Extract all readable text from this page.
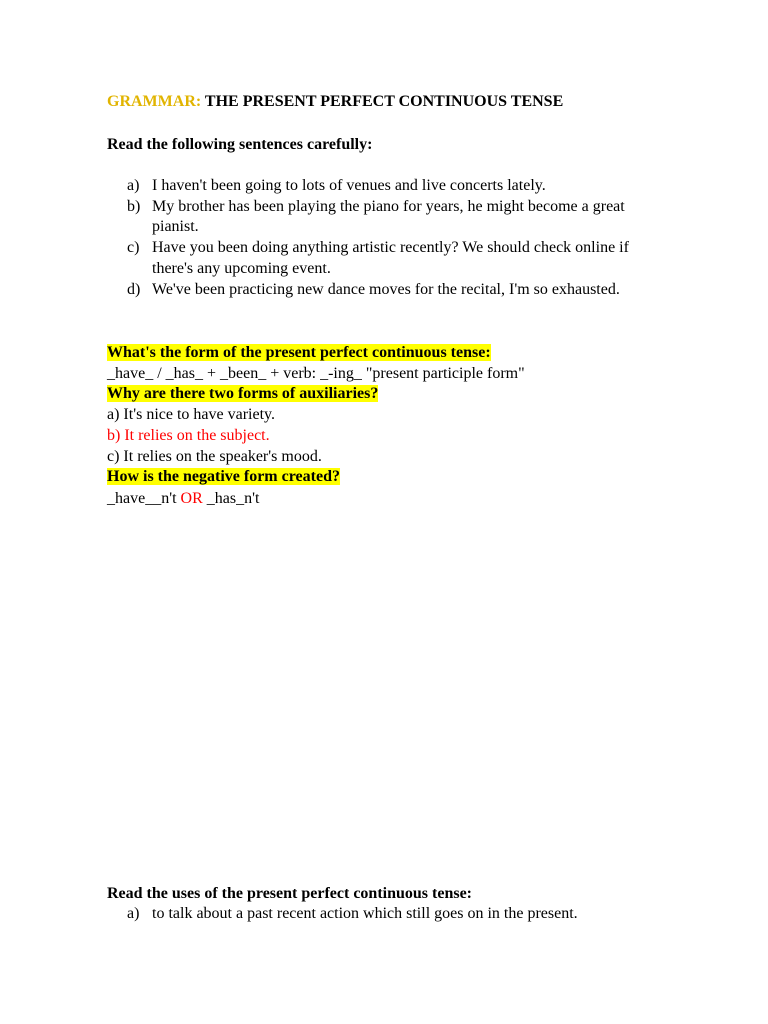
GRAMMAR: THE PRESENT PERFECT CONTINUOUS TENSE
Read the following sentences carefully:
a) I haven't been going to lots of venues and live concerts lately.
b) My brother has been playing the piano for years, he might become a great pianist.
c) Have you been doing anything artistic recently? We should check online if there's any upcoming event.
d) We've been practicing new dance moves for the recital, I'm so exhausted.
What's the form of the present perfect continuous tense:
_have_ / _has_ + _been_ + verb: _-ing_ "present participle form"
Why are there two forms of auxiliaries?
a) It's nice to have variety.
b) It relies on the subject.
c) It relies on the speaker's mood.
How is the negative form created?
_have__n't OR _has_n't
Read the uses of the present perfect continuous tense:
a) to talk about a past recent action which still goes on in the present.
